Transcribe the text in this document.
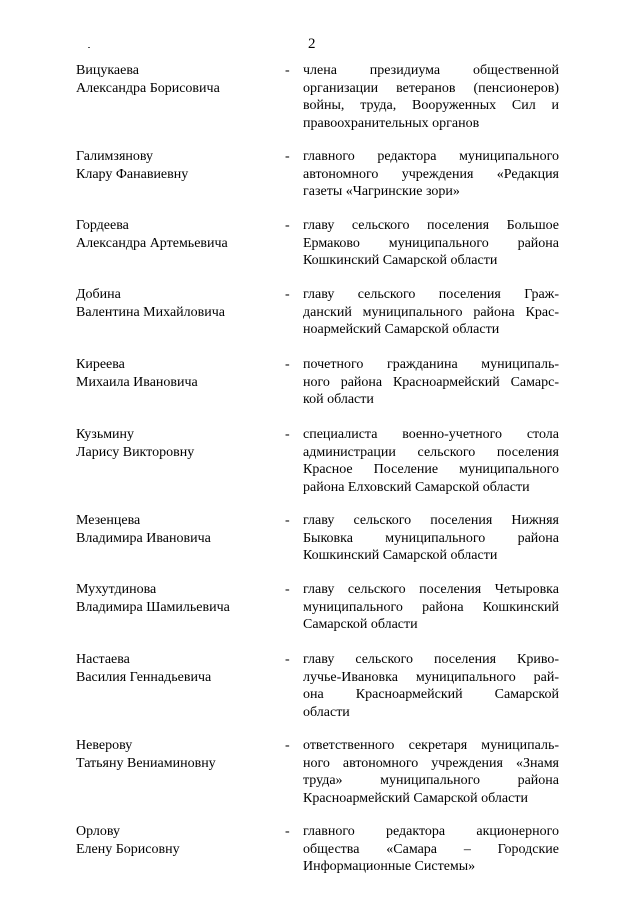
2
Вицукаева
Александра Борисовича
- члена президиума общественной
организации ветеранов (пенсионеров)
войны, труда, Вооруженных Сил и
правоохранительных органов
Галимзянову
Клару Фанавиевну
- главного редактора муниципального
автономного учреждения «Редакция
газеты «Чагринские зори»
Гордеева
Александра Артемьевича
- главу сельского поселения Большое
Ермаково муниципального района
Кошкинский Самарской области
Добина
Валентина Михайловича
- главу сельского поселения Граж-
данский муниципального района Крас-
ноармейский Самарской области
Киреева
Михаила Ивановича
- почетного гражданина муниципаль-
ного района Красноармейский Самарс-
кой области
Кузьмину
Ларису Викторовну
- специалиста военно-учетного стола
администрации сельского поселения
Красное Поселение муниципального
района Елховский Самарской области
Мезенцева
Владимира Ивановича
- главу сельского поселения Нижняя
Быковка муниципального района
Кошкинский Самарской области
Мухутдинова
Владимира Шамильевича
- главу сельского поселения Четыровка
муниципального района Кошкинский
Самарской области
Настаева
Василия Геннадьевича
- главу сельского поселения Криво-
лучье-Ивановка муниципального рай-
она Красноармейский Самарской
области
Неверову
Татьяну Вениаминовну
- ответственного секретаря муниципаль-
ного автономного учреждения «Знамя
труда» муниципального района
Красноармейский Самарской области
Орлову
Елену Борисовну
- главного редактора акционерного
общества «Самара – Городские
Информационные Системы»
